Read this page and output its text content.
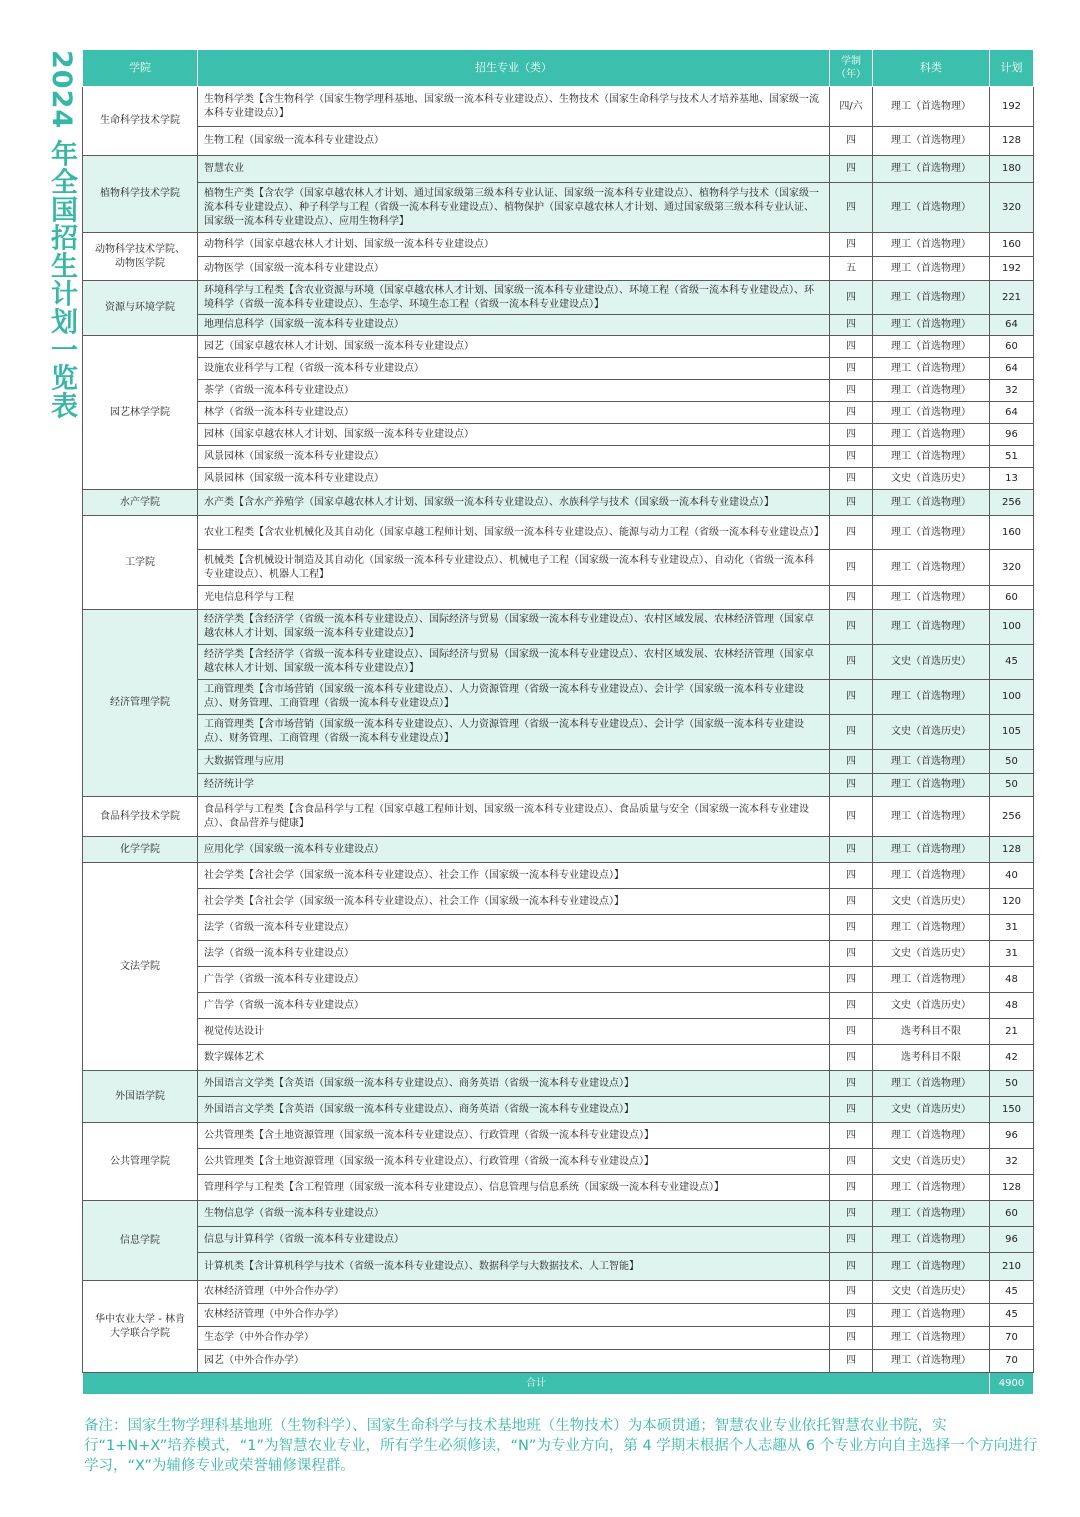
2024 年全国招生计划一览表	学院	招生专业（类）	学制
（年）	科类	计划
生命科学技术学院	生物科学类【含生物科学（国家生物学理科基地、国家级一流本科专业建设点）、生物技术（国家生命科学与技术人才培养基地、国家级一流本科专业建设点）】	四/六	理工（首选物理）	192
	生物工程（国家级一流本科专业建设点）	四	理工（首选物理）	128
植物科学技术学院	智慧农业	四	理工（首选物理）	180
	植物生产类【含农学（国家卓越农林人才计划、通过国家级第三级本科专业认证、国家级一流本科专业建设点）、植物科学与技术（国家级一流本科专业建设点）、种子科学与工程（省级一流本科专业建设点）、植物保护（国家卓越农林人才计划、通过国家级第三级本科专业认证、国家级一流本科专业建设点）、应用生物科学】	四	理工（首选物理）	320
动物科学技术学院、
动物医学院	动物科学（国家卓越农林人才计划、国家级一流本科专业建设点）	四	理工（首选物理）	160
	动物医学（国家级一流本科专业建设点）	五	理工（首选物理）	192
资源与环境学院	环境科学与工程类【含农业资源与环境（国家卓越农林人才计划、国家级一流本科专业建设点）、环境工程（省级一流本科专业建设点）、环境科学（省级一流本科专业建设点）、生态学、环境生态工程（省级一流本科专业建设点）】	四	理工（首选物理）	221
	地理信息科学（国家级一流本科专业建设点）	四	理工（首选物理）	64
园艺林学学院	园艺（国家卓越农林人才计划、国家级一流本科专业建设点）	四	理工（首选物理）	60
	设施农业科学与工程（省级一流本科专业建设点）	四	理工（首选物理）	64
	茶学（省级一流本科专业建设点）	四	理工（首选物理）	32
	林学（省级一流本科专业建设点）	四	理工（首选物理）	64
	园林（国家卓越农林人才计划、国家级一流本科专业建设点）	四	理工（首选物理）	96
	风景园林（国家级一流本科专业建设点）	四	理工（首选物理）	51
	风景园林（国家级一流本科专业建设点）	四	文史（首选历史）	13
水产学院	水产类【含水产养殖学（国家卓越农林人才计划、国家级一流本科专业建设点）、水族科学与技术（国家级一流本科专业建设点）】	四	理工（首选物理）	256
工学院	农业工程类【含农业机械化及其自动化（国家卓越工程师计划、国家级一流本科专业建设点）、能源与动力工程（省级一流本科专业建设点）】	四	理工（首选物理）	160
	机械类【含机械设计制造及其自动化（国家级一流本科专业建设点）、机械电子工程（国家级一流本科专业建设点）、自动化（省级一流本科专业建设点）、机器人工程】	四	理工（首选物理）	320
	光电信息科学与工程	四	理工（首选物理）	60
经济管理学院	经济学类【含经济学（省级一流本科专业建设点）、国际经济与贸易（国家级一流本科专业建设点）、农村区域发展、农林经济管理（国家卓越农林人才计划、国家级一流本科专业建设点）】	四	理工（首选物理）	100
	经济学类【含经济学（省级一流本科专业建设点）、国际经济与贸易（国家级一流本科专业建设点）、农村区域发展、农林经济管理（国家卓越农林人才计划、国家级一流本科专业建设点）】	四	文史（首选历史）	45
	工商管理类【含市场营销（国家级一流本科专业建设点）、人力资源管理（省级一流本科专业建设点）、会计学（国家级一流本科专业建设点）、财务管理、工商管理（省级一流本科专业建设点）】	四	理工（首选物理）	100
	工商管理类【含市场营销（国家级一流本科专业建设点）、人力资源管理（省级一流本科专业建设点）、会计学（国家级一流本科专业建设点）、财务管理、工商管理（省级一流本科专业建设点）】	四	文史（首选历史）	105
	大数据管理与应用	四	理工（首选物理）	50
	经济统计学	四	理工（首选物理）	50
食品科学技术学院	食品科学与工程类【含食品科学与工程（国家卓越工程师计划、国家级一流本科专业建设点）、食品质量与安全（国家级一流本科专业建设点）、食品营养与健康】	四	理工（首选物理）	256
化学学院	应用化学（国家级一流本科专业建设点）	四	理工（首选物理）	128
文法学院	社会学类【含社会学（国家级一流本科专业建设点）、社会工作（国家级一流本科专业建设点）】	四	理工（首选物理）	40
	社会学类【含社会学（国家级一流本科专业建设点）、社会工作（国家级一流本科专业建设点）】	四	文史（首选历史）	120
	法学（省级一流本科专业建设点）	四	理工（首选物理）	31
	法学（省级一流本科专业建设点）	四	文史（首选历史）	31
	广告学（省级一流本科专业建设点）	四	理工（首选物理）	48
	广告学（省级一流本科专业建设点）	四	文史（首选历史）	48
	视觉传达设计	四	选考科目不限	21
	数字媒体艺术	四	选考科目不限	42
外国语学院	外国语言文学类【含英语（国家级一流本科专业建设点）、商务英语（省级一流本科专业建设点）】	四	理工（首选物理）	50
	外国语言文学类【含英语（国家级一流本科专业建设点）、商务英语（省级一流本科专业建设点）】	四	文史（首选历史）	150
公共管理学院	公共管理类【含土地资源管理（国家级一流本科专业建设点）、行政管理（省级一流本科专业建设点）】	四	理工（首选物理）	96
	公共管理类【含土地资源管理（国家级一流本科专业建设点）、行政管理（省级一流本科专业建设点）】	四	文史（首选历史）	32
	管理科学与工程类【含工程管理（国家级一流本科专业建设点）、信息管理与信息系统（国家级一流本科专业建设点）】	四	理工（首选物理）	128
信息学院	生物信息学（省级一流本科专业建设点）	四	理工（首选物理）	60
	信息与计算科学（省级一流本科专业建设点）	四	理工（首选物理）	96
	计算机类【含计算机科学与技术（省级一流本科专业建设点）、数据科学与大数据技术、人工智能】	四	理工（首选物理）	210
华中农业大学 - 林肯
大学联合学院	农林经济管理（中外合作办学）	四	文史（首选历史）	45
	农林经济管理（中外合作办学）	四	理工（首选物理）	45
	生态学（中外合作办学）	四	理工（首选物理）	70
	园艺（中外合作办学）	四	理工（首选物理）	70
合计				4900
备注：国家生物学理科基地班（生物科学）、国家生命科学与技术基地班（生物技术）为本硕贯通；智慧农业专业依托智慧农业书院，实行“1+N+X”培养模式，“1”为智慧农业专业，所有学生必须修读，“N”为专业方向，第 4 学期末根据个人志趣从 6 个专业方向自主选择一个方向进行学习，“X”为辅修专业或荣誉辅修课程群。
